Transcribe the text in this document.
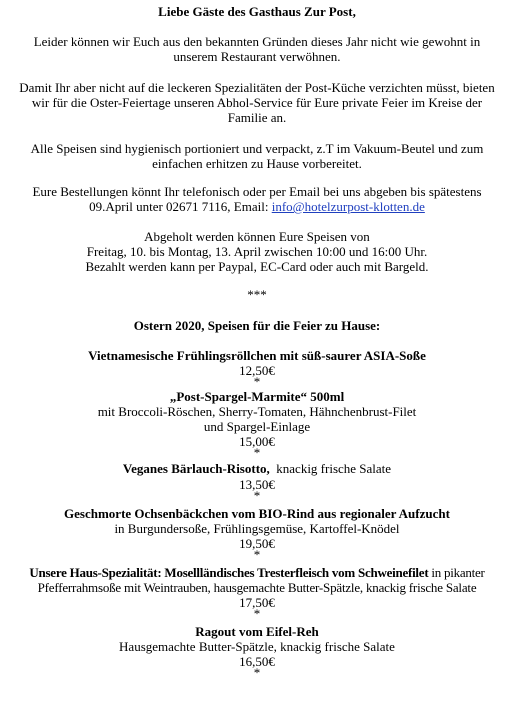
Liebe Gäste des Gasthaus Zur Post,
Leider können wir Euch aus den bekannten Gründen dieses Jahr nicht wie gewohnt in
unserem Restaurant verwöhnen.
Damit Ihr aber nicht auf die leckeren Spezialitäten der Post-Küche verzichten müsst, bieten
wir für die Oster-Feiertage unseren Abhol-Service für Eure private Feier im Kreise der
Familie an.
Alle Speisen sind hygienisch portioniert und verpackt, z.T im Vakuum-Beutel und zum
einfachen erhitzen zu Hause vorbereitet.
Eure Bestellungen könnt Ihr telefonisch oder per Email bei uns abgeben bis spätestens
09.April unter 02671 7116, Email: info@hotelzurpost-klotten.de
Abgeholt werden können Eure Speisen von
Freitag, 10. bis Montag, 13. April zwischen 10:00 und 16:00 Uhr.
Bezahlt werden kann per Paypal, EC-Card oder auch mit Bargeld.
***
Ostern 2020, Speisen für die Feier zu Hause:
Vietnamesische Frühlingsröllchen mit süß-saurer ASIA-Soße
12,50€
*
„Post-Spargel-Marmite“ 500ml
mit Broccoli-Röschen, Sherry-Tomaten, Hähnchenbrust-Filet
und Spargel-Einlage
15,00€
*
Veganes Bärlauch-Risotto, knackig frische Salate
13,50€
*
Geschmorte Ochsenbäckchen vom BIO-Rind aus regionaler Aufzucht
in Burgundersoße, Frühlingsgemüse, Kartoffel-Knödel
19,50€
*
Unsere Haus-Spezialität: Mosellländisches Tresterfleisch vom Schweinefilet in pikanter
Pfefferrahmsoße mit Weintrauben, hausgemachte Butter-Spätzle, knackig frische Salate
17,50€
*
Ragout vom Eifel-Reh
Hausgemachte Butter-Spätzle, knackig frische Salate
16,50€
*
